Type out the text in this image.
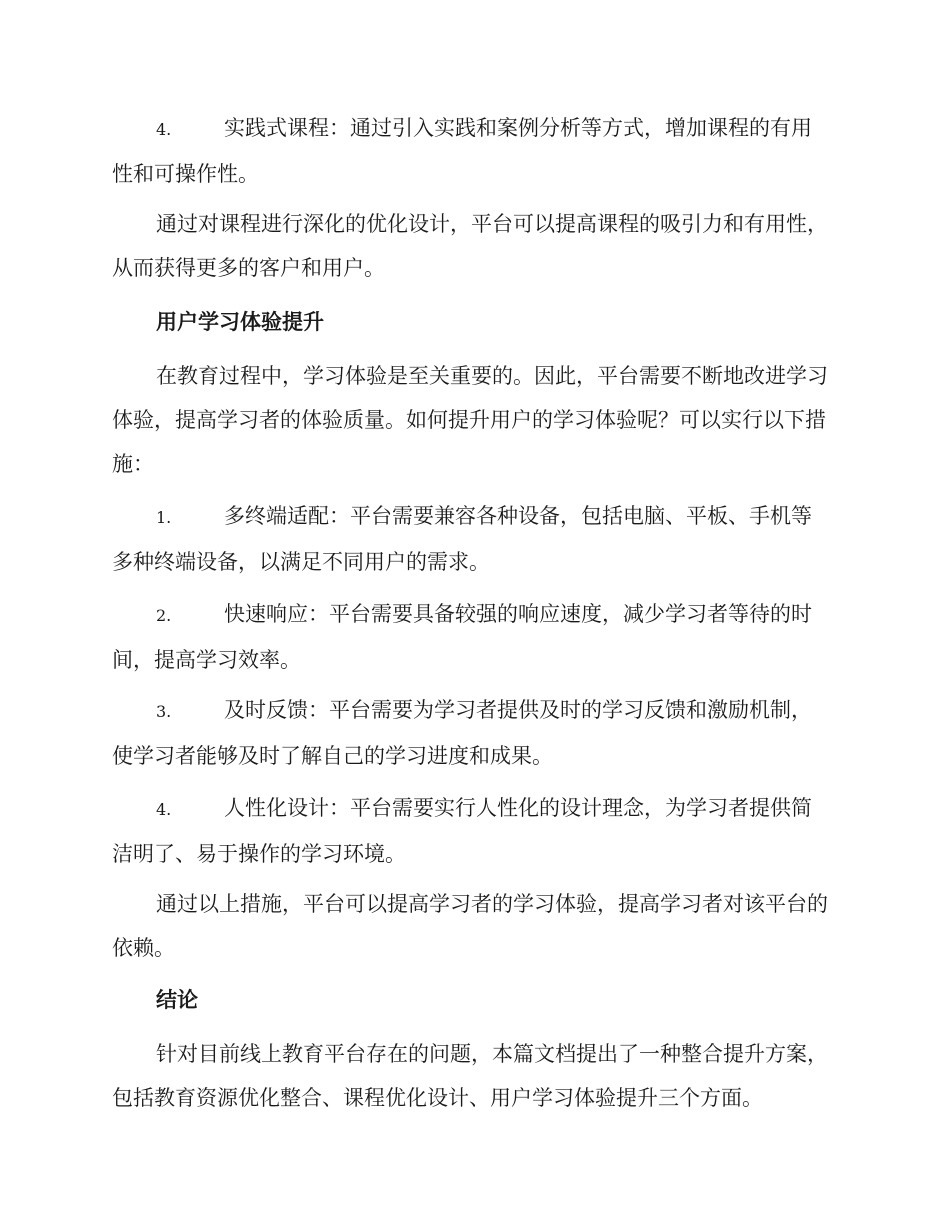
4.	实践式课程：通过引入实践和案例分析等方式，增加课程的有用性和可操作性。
通过对课程进行深化的优化设计，平台可以提高课程的吸引力和有用性，从而获得更多的客户和用户。
用户学习体验提升
在教育过程中，学习体验是至关重要的。因此，平台需要不断地改进学习体验，提高学习者的体验质量。如何提升用户的学习体验呢？可以实行以下措施：
1.	多终端适配：平台需要兼容各种设备，包括电脑、平板、手机等多种终端设备，以满足不同用户的需求。
2.	快速响应：平台需要具备较强的响应速度，减少学习者等待的时间，提高学习效率。
3.	及时反馈：平台需要为学习者提供及时的学习反馈和激励机制，使学习者能够及时了解自己的学习进度和成果。
4.	人性化设计：平台需要实行人性化的设计理念，为学习者提供简洁明了、易于操作的学习环境。
通过以上措施，平台可以提高学习者的学习体验，提高学习者对该平台的依赖。
结论
针对目前线上教育平台存在的问题，本篇文档提出了一种整合提升方案，包括教育资源优化整合、课程优化设计、用户学习体验提升三个方面。
